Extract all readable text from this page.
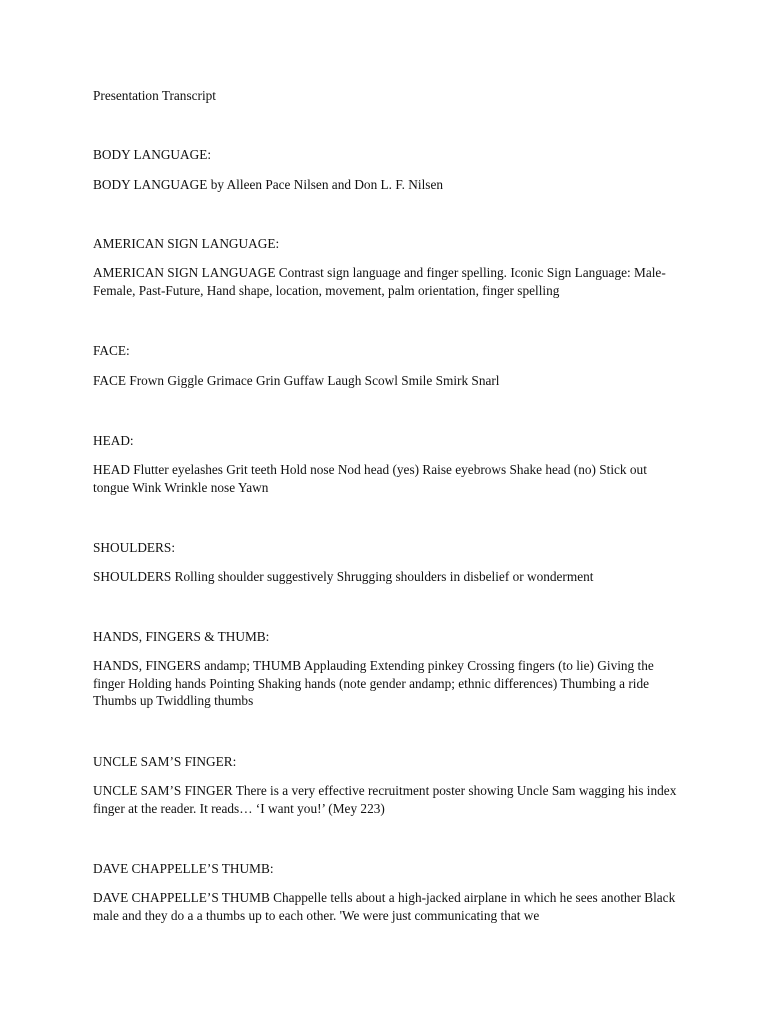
Presentation Transcript
BODY LANGUAGE:
BODY LANGUAGE by Alleen Pace Nilsen and Don L. F. Nilsen
AMERICAN SIGN LANGUAGE:
AMERICAN SIGN LANGUAGE Contrast sign language and finger spelling. Iconic Sign Language: Male-Female, Past-Future, Hand shape, location, movement, palm orientation, finger spelling
FACE:
FACE Frown Giggle Grimace Grin Guffaw Laugh Scowl Smile Smirk Snarl
HEAD:
HEAD Flutter eyelashes Grit teeth Hold nose Nod head (yes) Raise eyebrows Shake head (no) Stick out tongue Wink Wrinkle nose Yawn
SHOULDERS:
SHOULDERS Rolling shoulder suggestively Shrugging shoulders in disbelief or wonderment
HANDS, FINGERS & THUMB:
HANDS, FINGERS andamp; THUMB Applauding Extending pinkey Crossing fingers (to lie) Giving the finger Holding hands Pointing Shaking hands (note gender andamp; ethnic differences) Thumbing a ride Thumbs up Twiddling thumbs
UNCLE SAM’S FINGER:
UNCLE SAM’S FINGER There is a very effective recruitment poster showing Uncle Sam wagging his index finger at the reader. It reads… ‘I want you!’ (Mey 223)
DAVE CHAPPELLE’S THUMB:
DAVE CHAPPELLE’S THUMB Chappelle tells about a high-jacked airplane in which he sees another Black male and they do a a thumbs up to each other. 'We were just communicating that we
